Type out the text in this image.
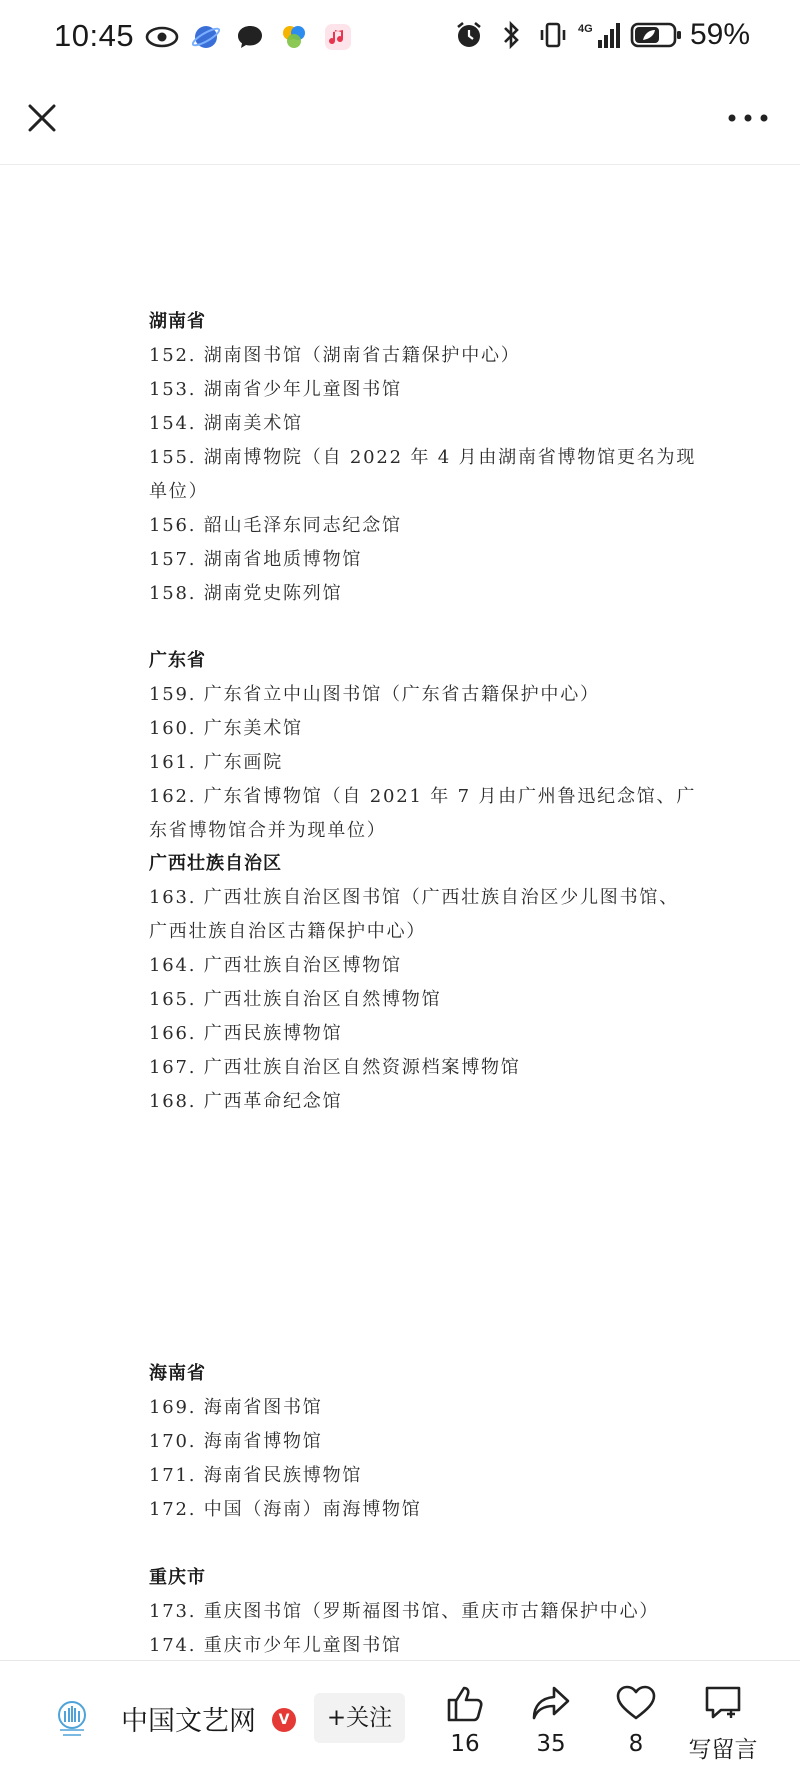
10:45	4G	59%
湖南省
152. 湖南图书馆（湖南省古籍保护中心）
153. 湖南省少年儿童图书馆
154. 湖南美术馆
155. 湖南博物院（自 2022 年 4 月由湖南省博物馆更名为现
单位）
156. 韶山毛泽东同志纪念馆
157. 湖南省地质博物馆
158. 湖南党史陈列馆
广东省
159. 广东省立中山图书馆（广东省古籍保护中心）
160. 广东美术馆
161. 广东画院
162. 广东省博物馆（自 2021 年 7 月由广州鲁迅纪念馆、广
东省博物馆合并为现单位）
广西壮族自治区
163. 广西壮族自治区图书馆（广西壮族自治区少儿图书馆、
广西壮族自治区古籍保护中心）
164. 广西壮族自治区博物馆
165. 广西壮族自治区自然博物馆
166. 广西民族博物馆
167. 广西壮族自治区自然资源档案博物馆
168. 广西革命纪念馆
海南省
169. 海南省图书馆
170. 海南省博物馆
171. 海南省民族博物馆
172. 中国（海南）南海博物馆
重庆市
173. 重庆图书馆（罗斯福图书馆、重庆市古籍保护中心）
174. 重庆市少年儿童图书馆
中国文艺网	V	+关注
16	35	8	写留言
